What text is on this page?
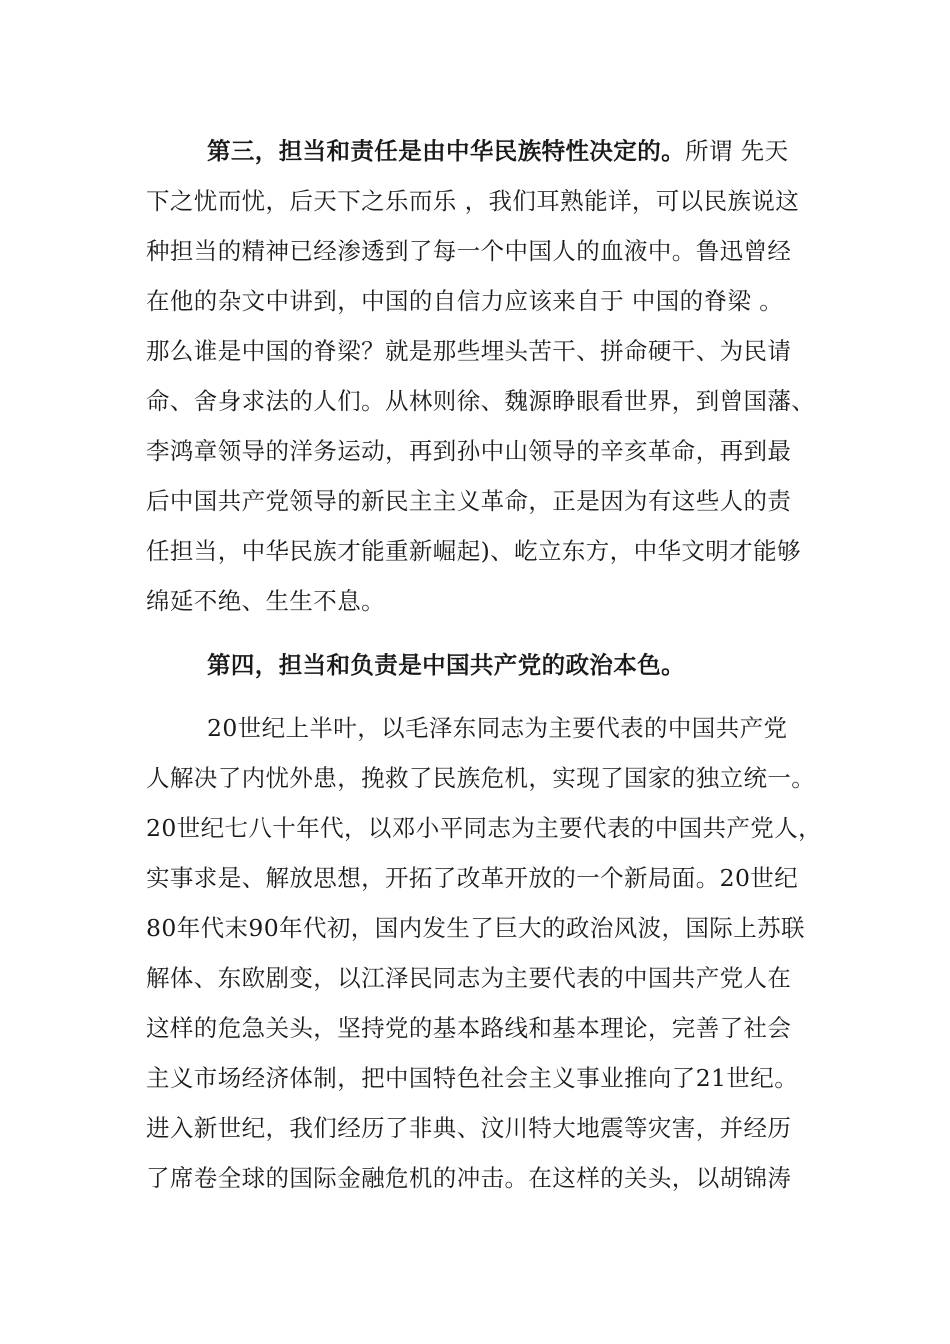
第三，担当和责任是由中华民族特性决定的。所谓 先天
下之忧而忧，后天下之乐而乐 ，我们耳熟能详，可以民族说这
种担当的精神已经渗透到了每一个中国人的血液中。鲁迅曾经
在他的杂文中讲到，中国的自信力应该来自于 中国的脊梁 。
那么谁是中国的脊梁？就是那些埋头苦干、拼命硬干、为民请
命、舍身求法的人们。从林则徐、魏源睁眼看世界，到曾国藩、
李鸿章领导的洋务运动，再到孙中山领导的辛亥革命，再到最
后中国共产党领导的新民主主义革命，正是因为有这些人的责
任担当，中华民族才能重新崛起)、屹立东方，中华文明才能够
绵延不绝、生生不息。
第四，担当和负责是中国共产党的政治本色。
20世纪上半叶，以毛泽东同志为主要代表的中国共产党
人解决了内忧外患，挽救了民族危机，实现了国家的独立统一。
20世纪七八十年代，以邓小平同志为主要代表的中国共产党人，
实事求是、解放思想，开拓了改革开放的一个新局面。20世纪
80年代末90年代初，国内发生了巨大的政治风波，国际上苏联
解体、东欧剧变，以江泽民同志为主要代表的中国共产党人在
这样的危急关头，坚持党的基本路线和基本理论，完善了社会
主义市场经济体制，把中国特色社会主义事业推向了21世纪。
进入新世纪，我们经历了非典、汶川特大地震等灾害，并经历
了席卷全球的国际金融危机的冲击。在这样的关头，以胡锦涛
